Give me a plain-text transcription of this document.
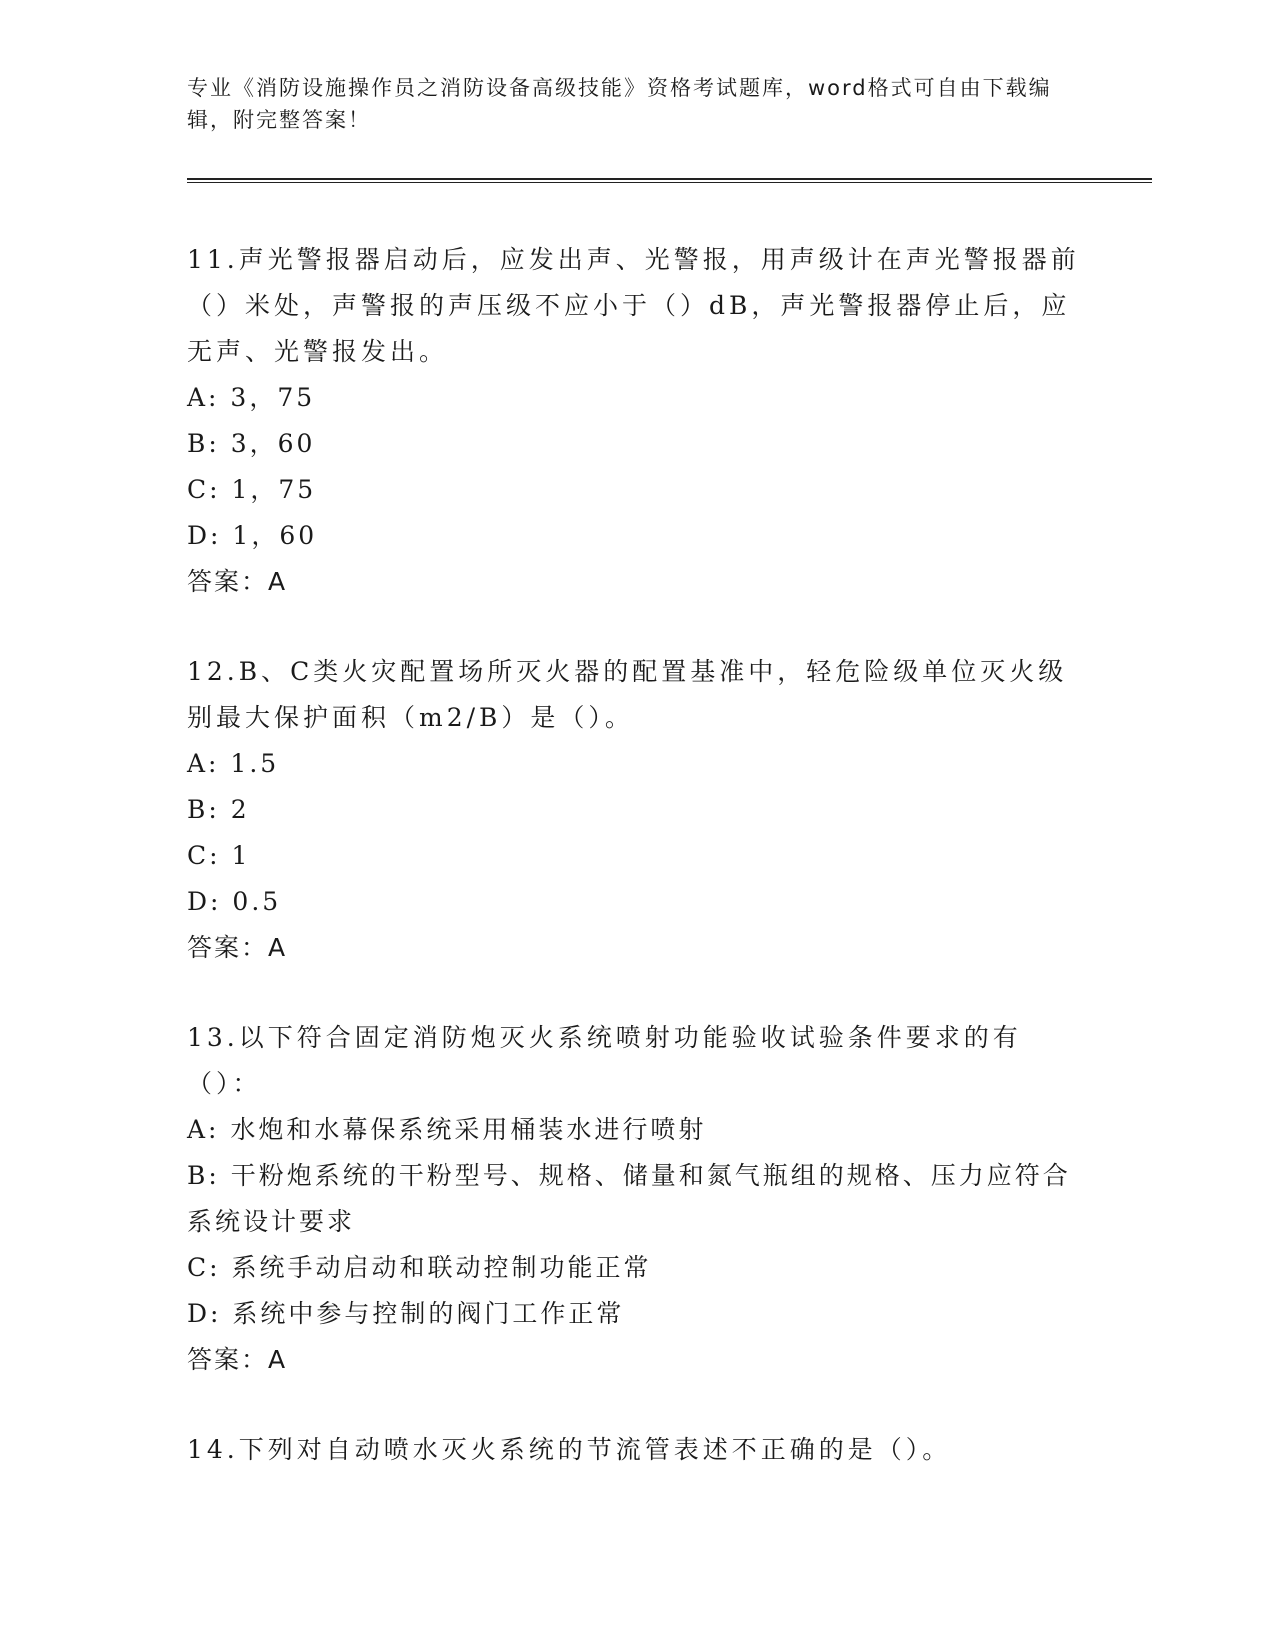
专业《消防设施操作员之消防设备高级技能》资格考试题库，word格式可自由下载编辑，附完整答案！
11.声光警报器启动后，应发出声、光警报，用声级计在声光警报器前（）米处，声警报的声压级不应小于（）dB，声光警报器停止后，应无声、光警报发出。
A: 3，75
B: 3，60
C: 1，75
D: 1，60
答案：A
12.B、C类火灾配置场所灭火器的配置基准中，轻危险级单位灭火级别最大保护面积（m2/B）是（）。
A: 1.5
B: 2
C: 1
D: 0.5
答案：A
13.以下符合固定消防炮灭火系统喷射功能验收试验条件要求的有（）：
A: 水炮和水幕保系统采用桶装水进行喷射
B: 干粉炮系统的干粉型号、规格、储量和氮气瓶组的规格、压力应符合系统设计要求
C: 系统手动启动和联动控制功能正常
D: 系统中参与控制的阀门工作正常
答案：A
14.下列对自动喷水灭火系统的节流管表述不正确的是（）。
